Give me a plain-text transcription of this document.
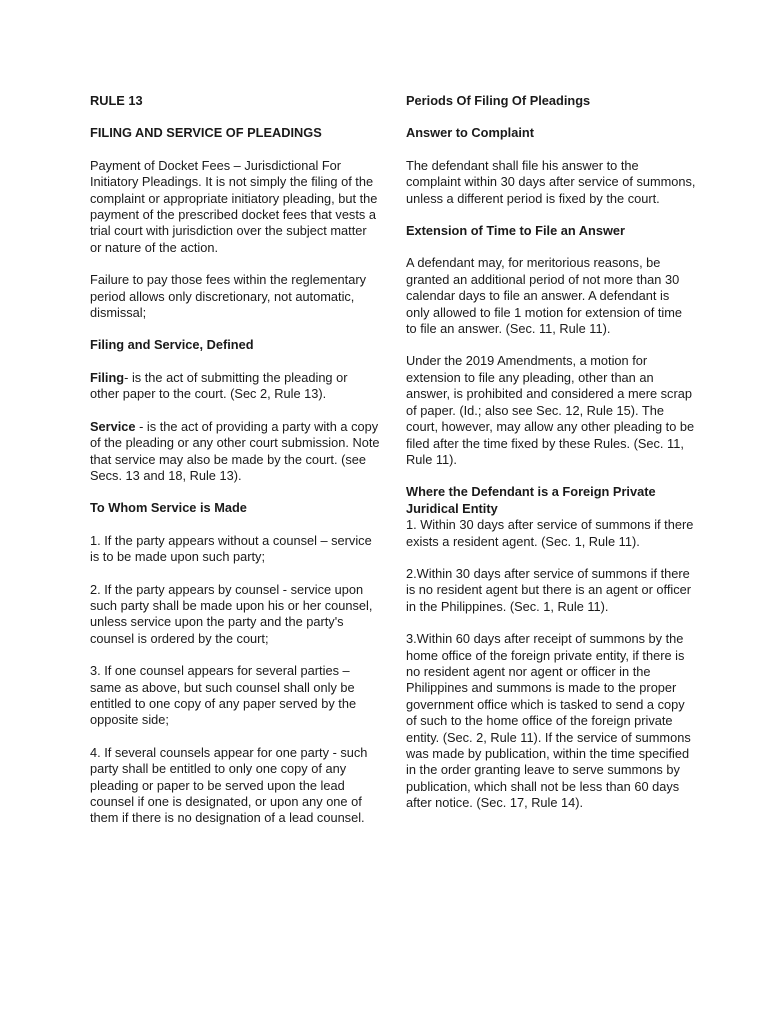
RULE 13

FILING AND SERVICE OF PLEADINGS

Payment of Docket Fees – Jurisdictional For Initiatory Pleadings. It is not simply the filing of the complaint or appropriate initiatory pleading, but the payment of the prescribed docket fees that vests a trial court with jurisdiction over the subject matter or nature of the action.

Failure to pay those fees within the reglementary period allows only discretionary, not automatic, dismissal;

Filing and Service, Defined

Filing- is the act of submitting the pleading or other paper to the court. (Sec 2, Rule 13).

Service - is the act of providing a party with a copy of the pleading or any other court submission. Note that service may also be made by the court. (see Secs. 13 and 18, Rule 13).

To Whom Service is Made

1. If the party appears without a counsel – service is to be made upon such party;

2. If the party appears by counsel - service upon such party shall be made upon his or her counsel, unless service upon the party and the party's counsel is ordered by the court;

3. If one counsel appears for several parties – same as above, but such counsel shall only be entitled to one copy of any paper served by the opposite side;

4. If several counsels appear for one party - such party shall be entitled to only one copy of any pleading or paper to be served upon the lead counsel if one is designated, or upon any one of them if there is no designation of a lead counsel.

Periods Of Filing Of Pleadings

Answer to Complaint

The defendant shall file his answer to the complaint within 30 days after service of summons, unless a different period is fixed by the court.

Extension of Time to File an Answer

A defendant may, for meritorious reasons, be granted an additional period of not more than 30 calendar days to file an answer. A defendant is only allowed to file 1 motion for extension of time to file an answer. (Sec. 11, Rule 11).

Under the 2019 Amendments, a motion for extension to file any pleading, other than an answer, is prohibited and considered a mere scrap of paper. (Id.; also see Sec. 12, Rule 15). The court, however, may allow any other pleading to be filed after the time fixed by these Rules. (Sec. 11, Rule 11).

Where the Defendant is a Foreign Private Juridical Entity

1. Within 30 days after service of summons if there exists a resident agent. (Sec. 1, Rule 11).

2.Within 30 days after service of summons if there is no resident agent but there is an agent or officer in the Philippines. (Sec. 1, Rule 11).

3.Within 60 days after receipt of summons by the home office of the foreign private entity, if there is no resident agent nor agent or officer in the Philippines and summons is made to the proper government office which is tasked to send a copy of such to the home office of the foreign private entity. (Sec. 2, Rule 11). If the service of summons was made by publication, within the time specified in the order granting leave to serve summons by publication, which shall not be less than 60 days after notice. (Sec. 17, Rule 14).
